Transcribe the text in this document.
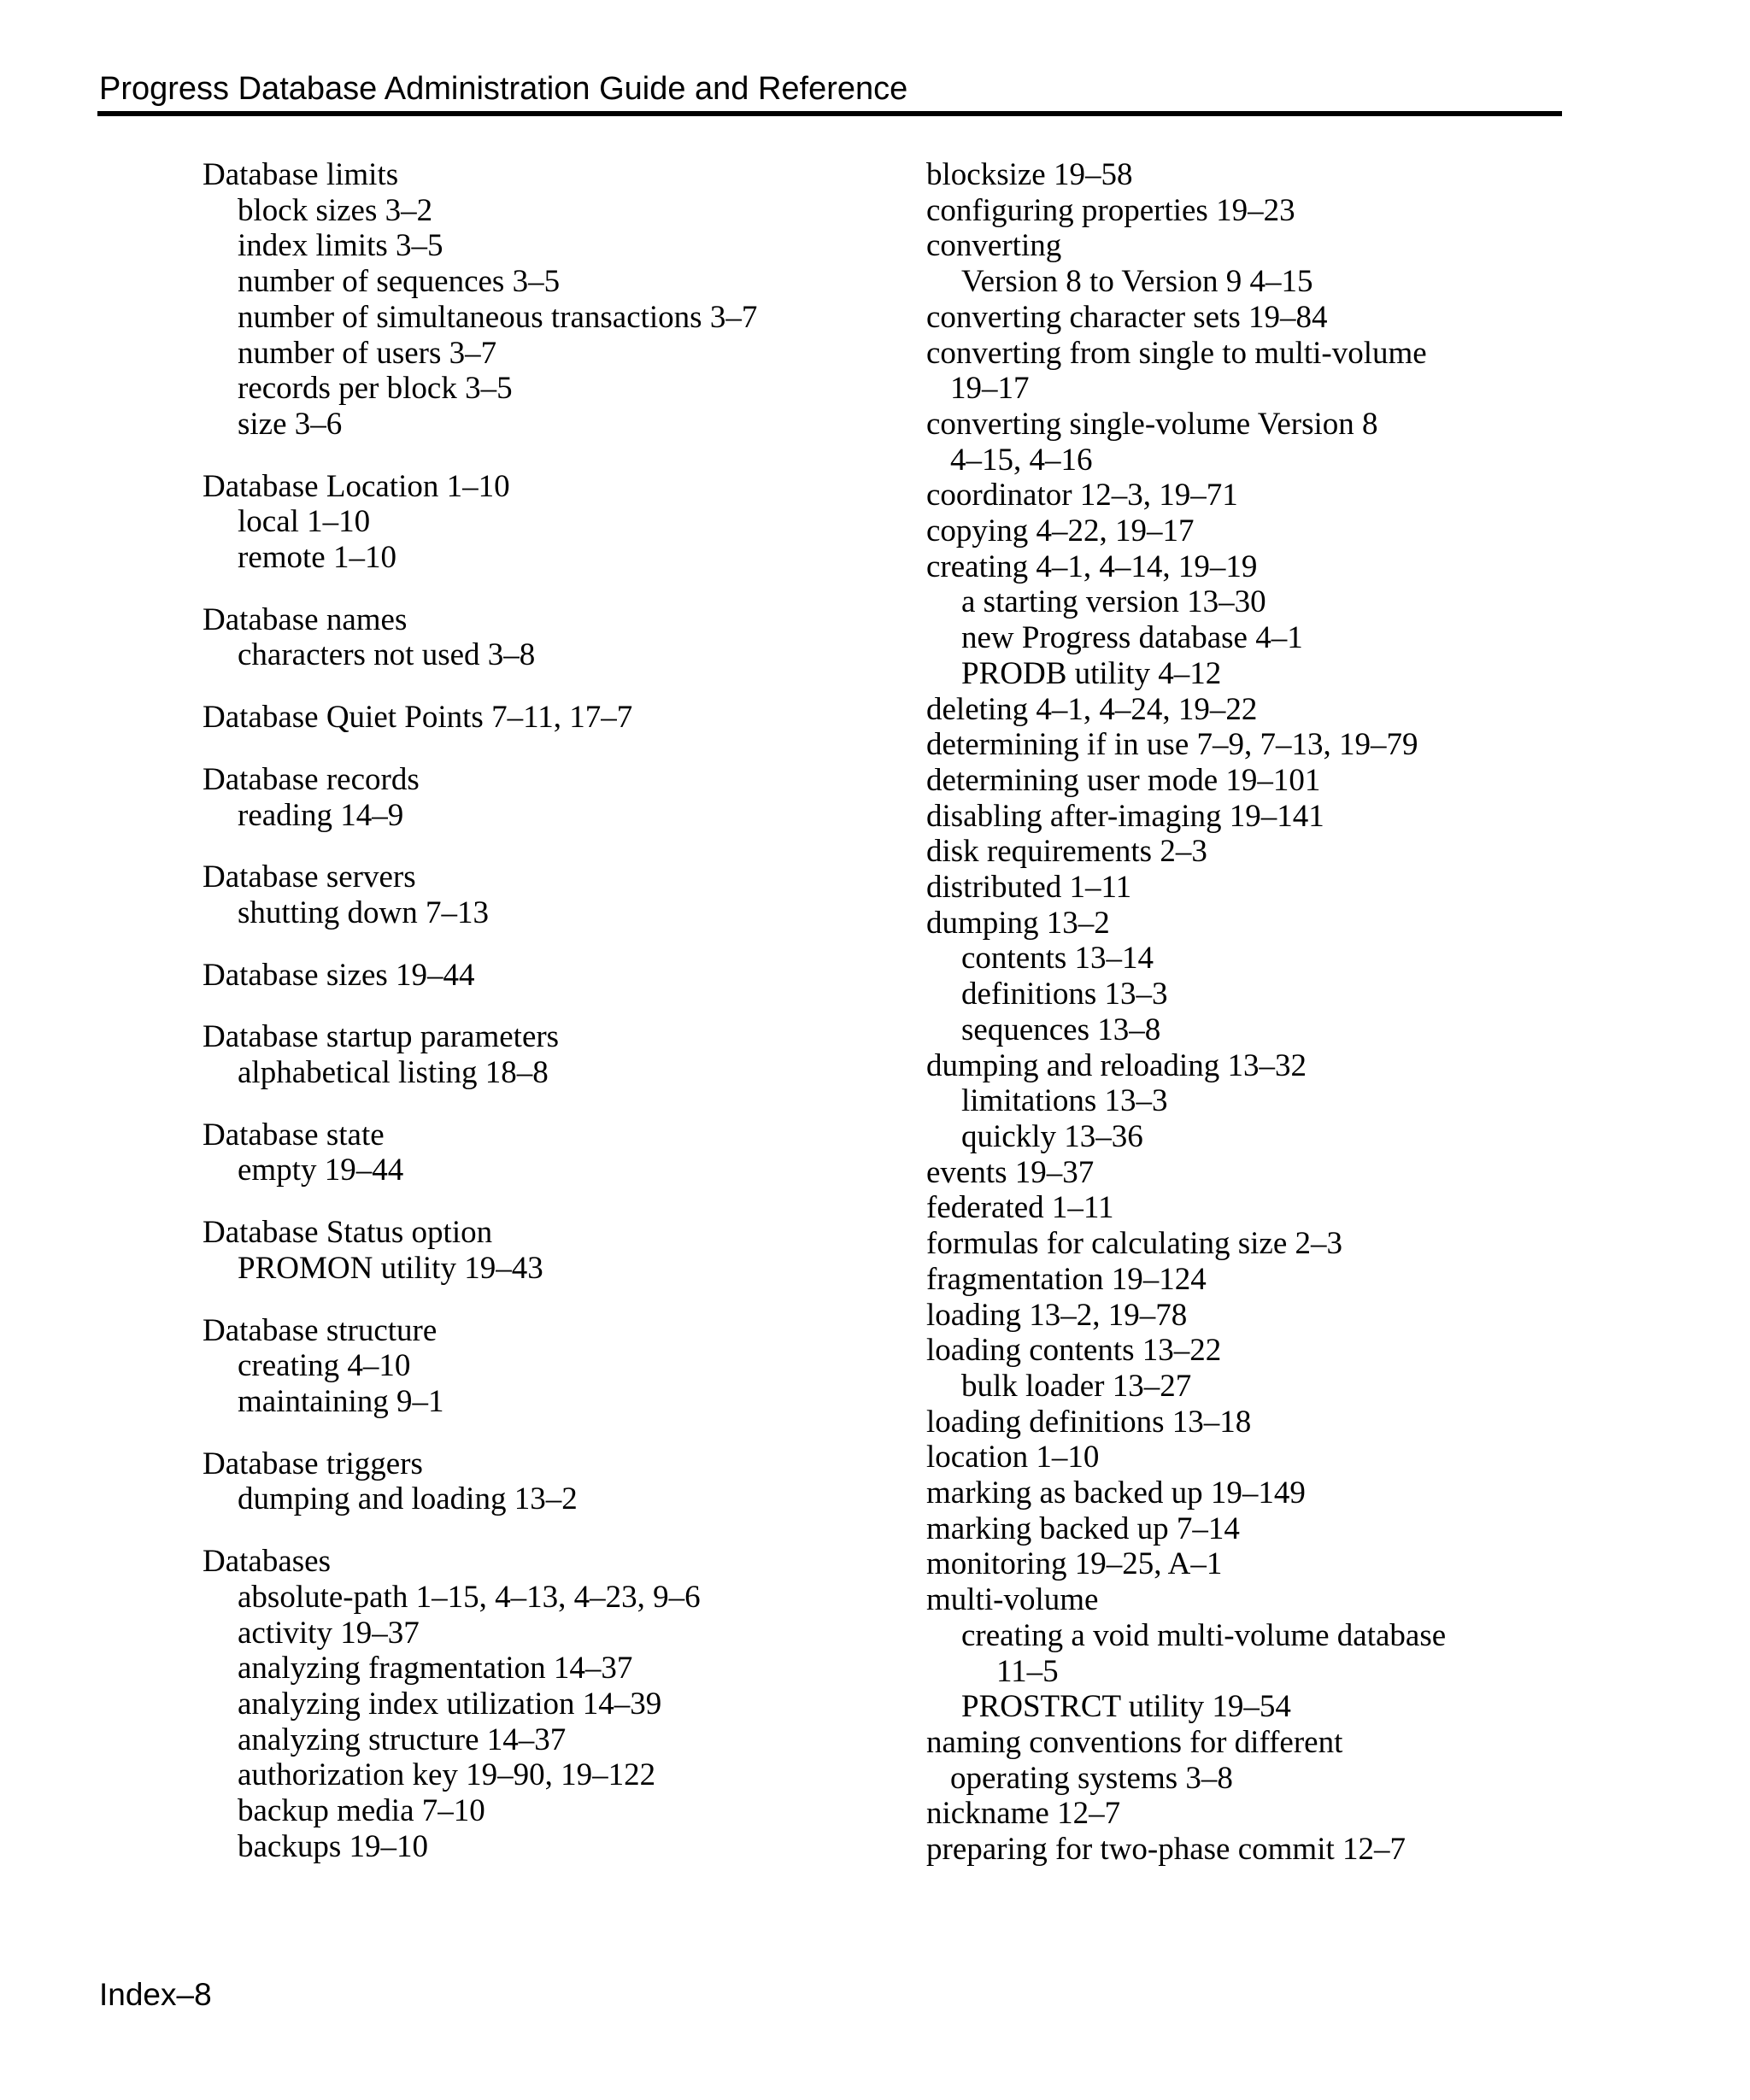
Progress Database Administration Guide and Reference
Database limits
block sizes 3–2
index limits 3–5
number of sequences 3–5
number of simultaneous transactions 3–7
number of users 3–7
records per block 3–5
size 3–6
Database Location 1–10
local 1–10
remote 1–10
Database names
characters not used 3–8
Database Quiet Points 7–11, 17–7
Database records
reading 14–9
Database servers
shutting down 7–13
Database sizes 19–44
Database startup parameters
alphabetical listing 18–8
Database state
empty 19–44
Database Status option
PROMON utility 19–43
Database structure
creating 4–10
maintaining 9–1
Database triggers
dumping and loading 13–2
Databases
absolute-path 1–15, 4–13, 4–23, 9–6
activity 19–37
analyzing fragmentation 14–37
analyzing index utilization 14–39
analyzing structure 14–37
authorization key 19–90, 19–122
backup media 7–10
backups 19–10
blocksize 19–58
configuring properties 19–23
converting
Version 8 to Version 9 4–15
converting character sets 19–84
converting from single to multi-volume
19–17
converting single-volume Version 8
4–15, 4–16
coordinator 12–3, 19–71
copying 4–22, 19–17
creating 4–1, 4–14, 19–19
a starting version 13–30
new Progress database 4–1
PRODB utility 4–12
deleting 4–1, 4–24, 19–22
determining if in use 7–9, 7–13, 19–79
determining user mode 19–101
disabling after-imaging 19–141
disk requirements 2–3
distributed 1–11
dumping 13–2
contents 13–14
definitions 13–3
sequences 13–8
dumping and reloading 13–32
limitations 13–3
quickly 13–36
events 19–37
federated 1–11
formulas for calculating size 2–3
fragmentation 19–124
loading 13–2, 19–78
loading contents 13–22
bulk loader 13–27
loading definitions 13–18
location 1–10
marking as backed up 19–149
marking backed up 7–14
monitoring 19–25, A–1
multi-volume
creating a void multi-volume database
11–5
PROSTRCT utility 19–54
naming conventions for different
operating systems 3–8
nickname 12–7
preparing for two-phase commit 12–7
Index–8
